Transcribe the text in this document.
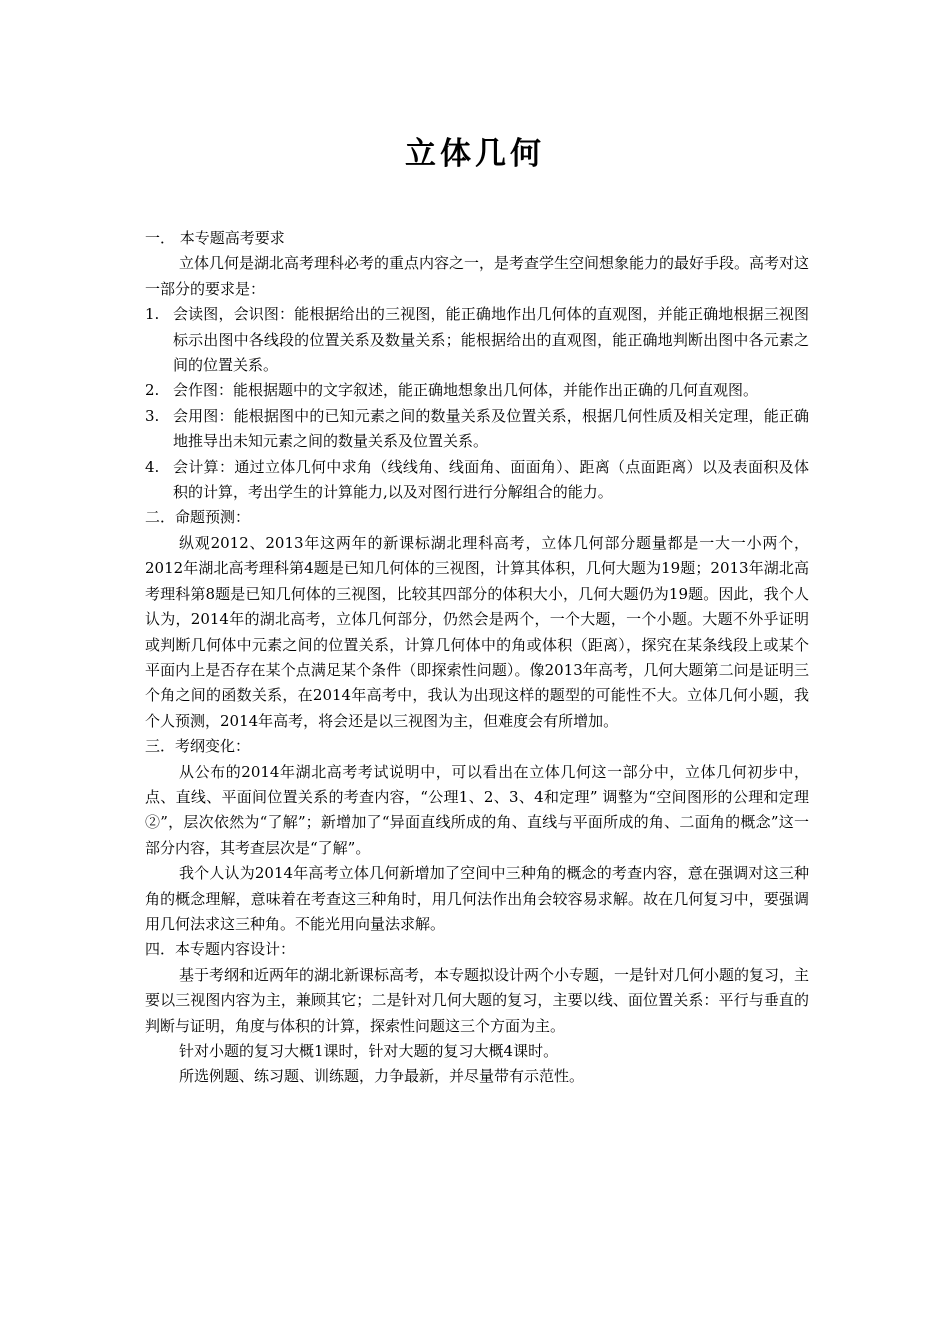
立体几何

一． 本专题高考要求

立体几何是湖北高考理科必考的重点内容之一，是考查学生空间想象能力的最好手段。高考对这一部分的要求是：

1. 会读图，会识图：能根据给出的三视图，能正确地作出几何体的直观图，并能正确地根据三视图标示出图中各线段的位置关系及数量关系；能根据给出的直观图，能正确地判断出图中各元素之间的位置关系。
2. 会作图：能根据题中的文字叙述，能正确地想象出几何体，并能作出正确的几何直观图。
3. 会用图：能根据图中的已知元素之间的数量关系及位置关系，根据几何性质及相关定理，能正确地推导出未知元素之间的数量关系及位置关系。
4. 会计算：通过立体几何中求角（线线角、线面角、面面角）、距离（点面距离）以及表面积及体积的计算，考出学生的计算能力,以及对图行进行分解组合的能力。

二．命题预测：

纵观2012、2013年这两年的新课标湖北理科高考，立体几何部分题量都是一大一小两个，2012年湖北高考理科第4题是已知几何体的三视图，计算其体积，几何大题为19题；2013年湖北高考理科第8题是已知几何体的三视图，比较其四部分的体积大小，几何大题仍为19题。因此，我个人认为，2014年的湖北高考，立体几何部分，仍然会是两个，一个大题，一个小题。大题不外乎证明或判断几何体中元素之间的位置关系，计算几何体中的角或体积（距离），探究在某条线段上或某个平面内上是否存在某个点满足某个条件（即探索性问题）。像2013年高考，几何大题第二问是证明三个角之间的函数关系，在2014年高考中，我认为出现这样的题型的可能性不大。立体几何小题，我个人预测，2014年高考，将会还是以三视图为主，但难度会有所增加。

三．考纲变化：

从公布的2014年湖北高考考试说明中，可以看出在立体几何这一部分中，立体几何初步中，点、直线、平面间位置关系的考查内容，“公理1、2、3、4和定理” 调整为“空间图形的公理和定理②”，层次依然为“了解”；新增加了“异面直线所成的角、直线与平面所成的角、二面角的概念”这一部分内容，其考查层次是“了解”。

我个人认为2014年高考立体几何新增加了空间中三种角的概念的考查内容，意在强调对这三种角的概念理解，意味着在考查这三种角时，用几何法作出角会较容易求解。故在几何复习中，要强调用几何法求这三种角。不能光用向量法求解。

四．本专题内容设计：

基于考纲和近两年的湖北新课标高考，本专题拟设计两个小专题，一是针对几何小题的复习，主要以三视图内容为主，兼顾其它；二是针对几何大题的复习，主要以线、面位置关系：平行与垂直的判断与证明，角度与体积的计算，探索性问题这三个方面为主。

针对小题的复习大概1课时，针对大题的复习大概4课时。

所选例题、练习题、训练题，力争最新，并尽量带有示范性。
